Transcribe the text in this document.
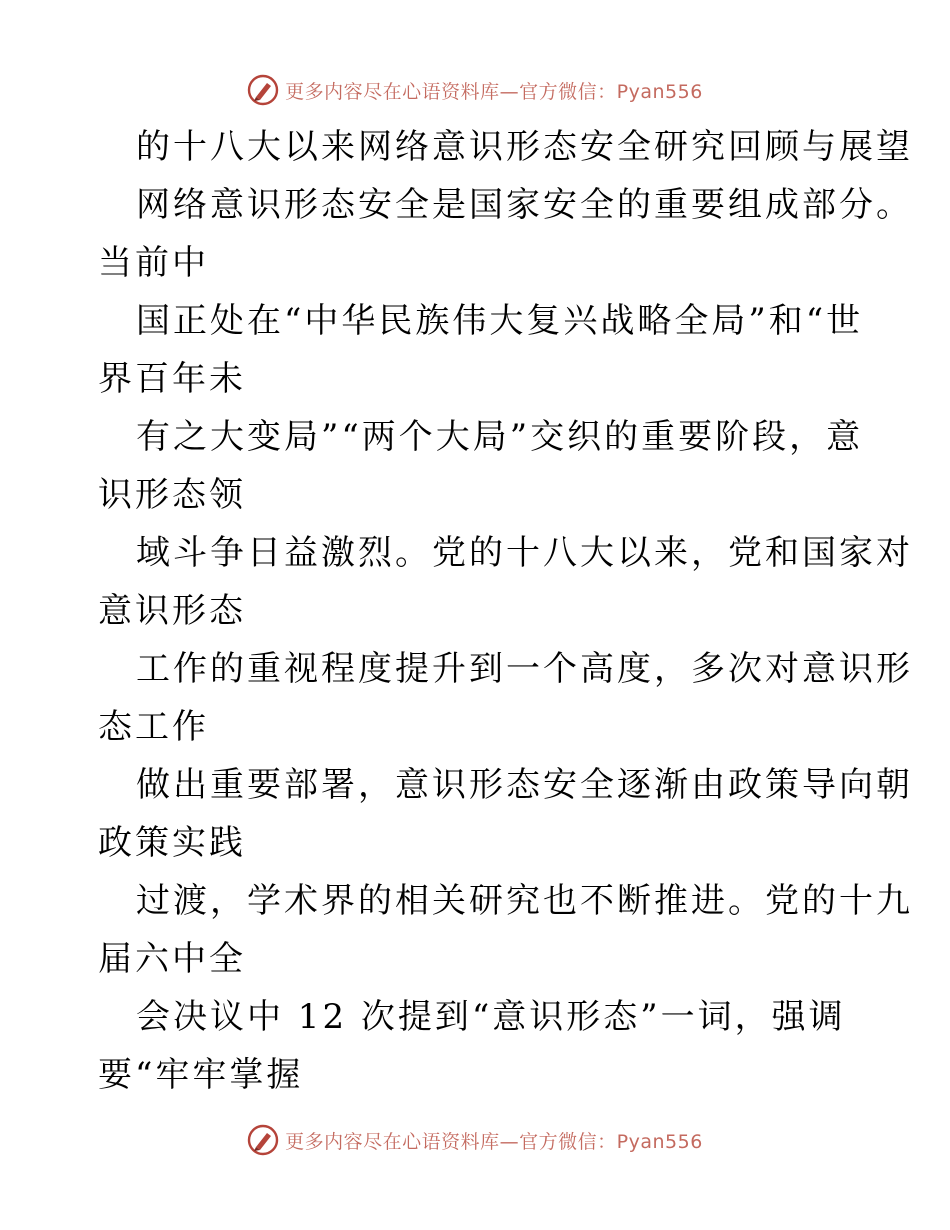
更多内容尽在心语资料库—官方微信：Pyan556
的十八大以来网络意识形态安全研究回顾与展望
网络意识形态安全是国家安全的重要组成部分。
当前中
国正处在“中华民族伟大复兴战略全局”和“世
界百年未
有之大变局”“两个大局”交织的重要阶段，意
识形态领
域斗争日益激烈。党的十八大以来，党和国家对
意识形态
工作的重视程度提升到一个高度，多次对意识形
态工作
做出重要部署，意识形态安全逐渐由政策导向朝
政策实践
过渡，学术界的相关研究也不断推进。党的十九
届六中全
会决议中 12 次提到“意识形态”一词，强调
要“牢牢掌握
更多内容尽在心语资料库—官方微信：Pyan556
